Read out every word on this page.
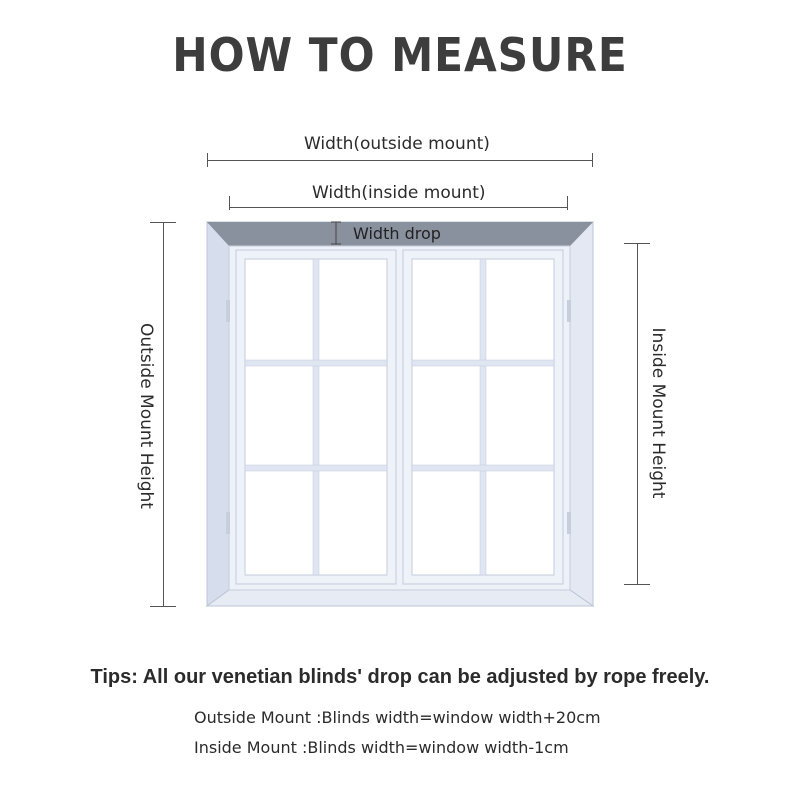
HOW TO MEASURE
Width(outside mount)
Width(inside mount)
Outside Mount Height	Inside Mount Height
Width drop
Tips: All our venetian blinds' drop can be adjusted by rope freely.
Outside Mount :Blinds width=window width+20cm
Inside Mount :Blinds width=window width-1cm
